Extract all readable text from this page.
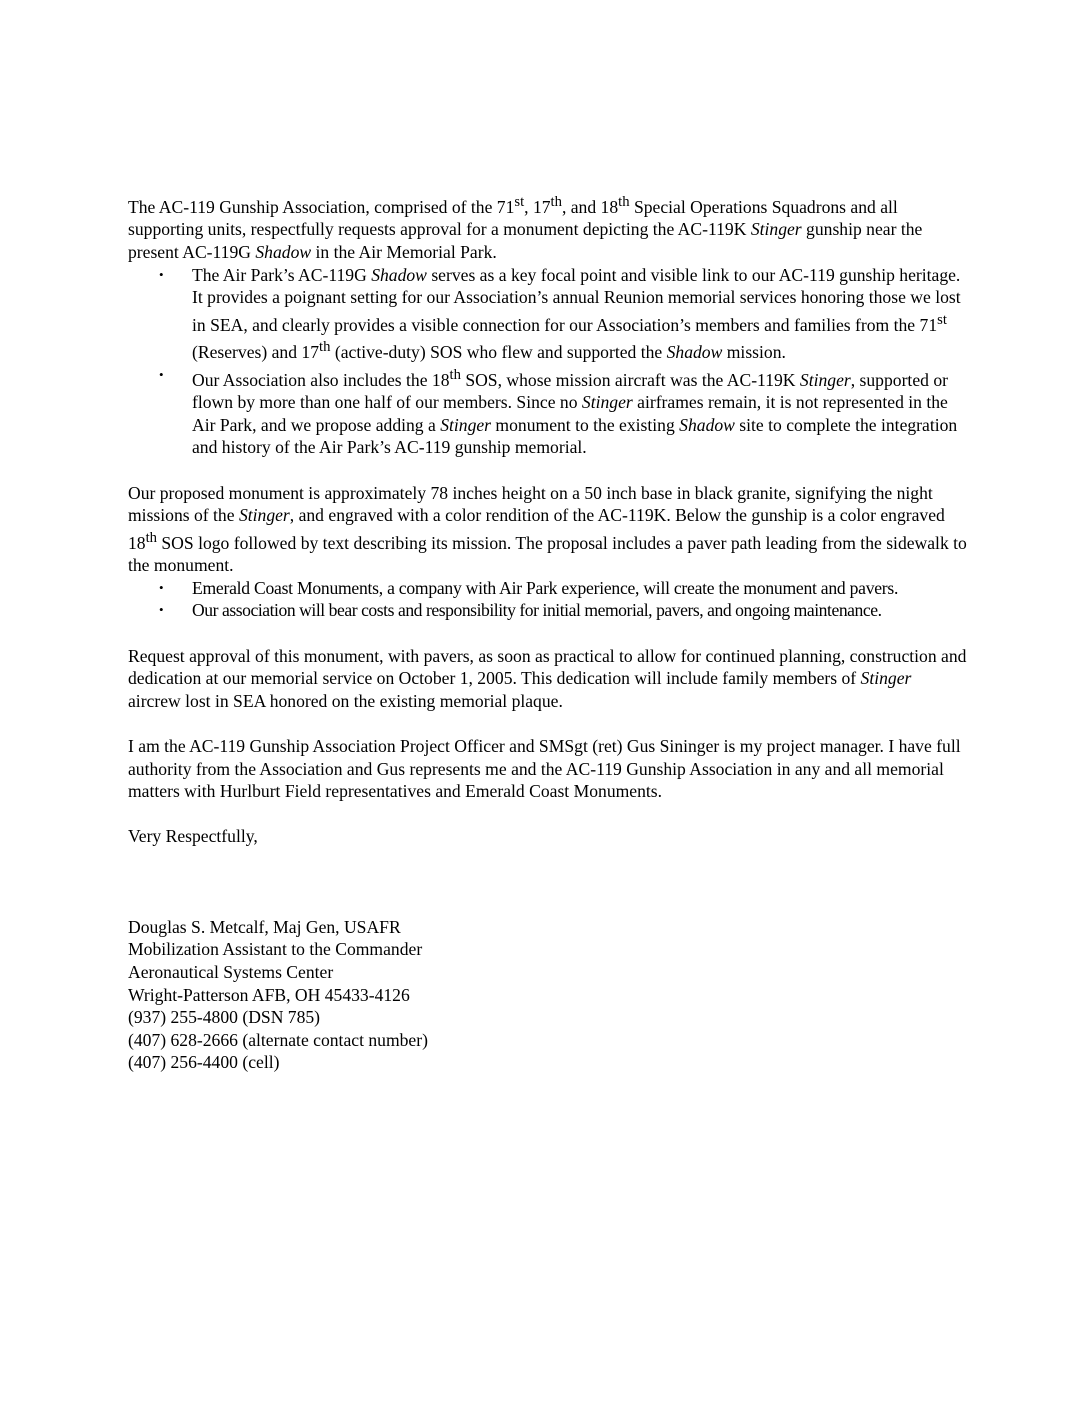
The AC-119 Gunship Association, comprised of the 71st, 17th, and 18th Special Operations Squadrons and all supporting units, respectfully requests approval for a monument depicting the AC-119K Stinger gunship near the present AC-119G Shadow in the Air Memorial Park.

• The Air Park’s AC-119G Shadow serves as a key focal point and visible link to our AC-119 gunship heritage. It provides a poignant setting for our Association’s annual Reunion memorial services honoring those we lost in SEA, and clearly provides a visible connection for our Association’s members and families from the 71st (Reserves) and 17th (active-duty) SOS who flew and supported the Shadow mission.
• Our Association also includes the 18th SOS, whose mission aircraft was the AC-119K Stinger, supported or flown by more than one half of our members. Since no Stinger airframes remain, it is not represented in the Air Park, and we propose adding a Stinger monument to the existing Shadow site to complete the integration and history of the Air Park’s AC-119 gunship memorial.

Our proposed monument is approximately 78 inches height on a 50 inch base in black granite, signifying the night missions of the Stinger, and engraved with a color rendition of the AC-119K. Below the gunship is a color engraved 18th SOS logo followed by text describing its mission. The proposal includes a paver path leading from the sidewalk to the monument.

• Emerald Coast Monuments, a company with Air Park experience, will create the monument and pavers.
• Our association will bear costs and responsibility for initial memorial, pavers, and ongoing maintenance.

Request approval of this monument, with pavers, as soon as practical to allow for continued planning, construction and dedication at our memorial service on October 1, 2005. This dedication will include family members of Stinger aircrew lost in SEA honored on the existing memorial plaque.

I am the AC-119 Gunship Association Project Officer and SMSgt (ret) Gus Sininger is my project manager. I have full authority from the Association and Gus represents me and the AC-119 Gunship Association in any and all memorial matters with Hurlburt Field representatives and Emerald Coast Monuments.

Very Respectfully,

Douglas S. Metcalf, Maj Gen, USAFR
Mobilization Assistant to the Commander
Aeronautical Systems Center
Wright-Patterson AFB, OH 45433-4126
(937) 255-4800 (DSN 785)
(407) 628-2666 (alternate contact number)
(407) 256-4400 (cell)
